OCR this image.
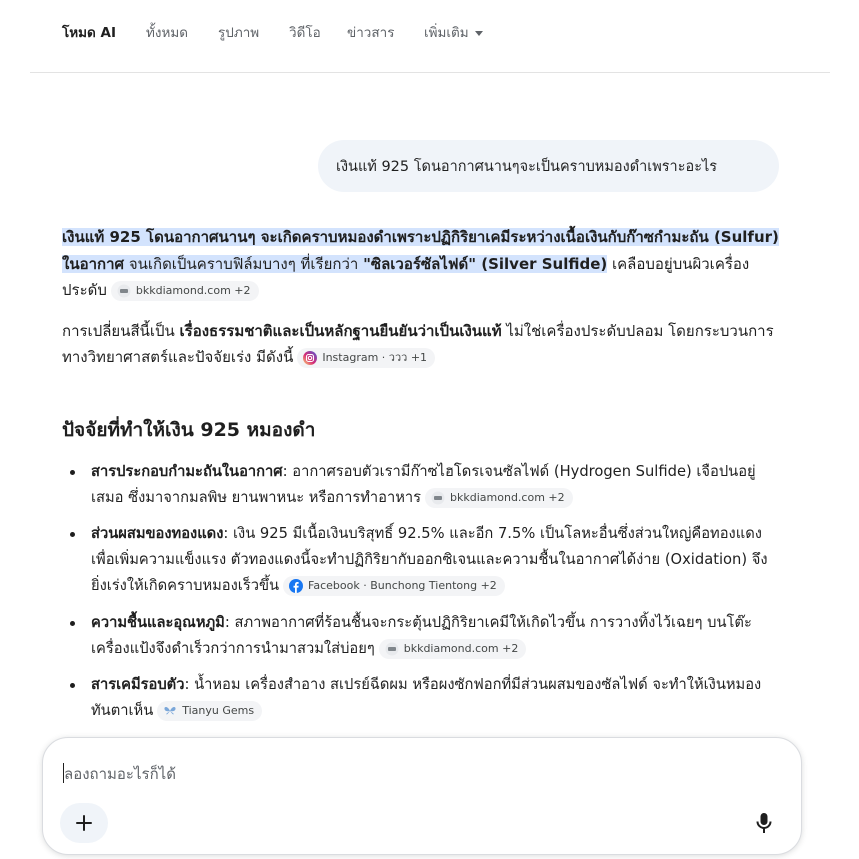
โหมด AI ทั้งหมด รูปภาพ วิดีโอ ข่าวสาร เพิ่มเติม
เงินแท้ 925 โดนอากาศนานๆจะเป็นคราบหมองดำเพราะอะไร

เงินแท้ 925 โดนอากาศนานๆ จะเกิดคราบหมองดำเพราะปฏิกิริยาเคมีระหว่างเนื้อเงินกับก๊าซกำมะถัน (Sulfur) ในอากาศ จนเกิดเป็นคราบฟิล์มบางๆ ที่เรียกว่า "ซิลเวอร์ซัลไฟด์" (Silver Sulfide) เคลือบอยู่บนผิวเครื่องประดับ	bkkdiamond.com +2

การเปลี่ยนสีนี้เป็น เรื่องธรรมชาติและเป็นหลักฐานยืนยันว่าเป็นเงินแท้ ไม่ใช่เครื่องประดับปลอม โดยกระบวนการทางวิทยาศาสตร์และปัจจัยเร่ง มีดังนี้	Instagram · ววว +1

ปัจจัยที่ทำให้เงิน 925 หมองดำ
สารประกอบกำมะถันในอากาศ: อากาศรอบตัวเรามีก๊าซไฮโดรเจนซัลไฟด์ (Hydrogen Sulfide) เจือปนอยู่เสมอ ซึ่งมาจากมลพิษ ยานพาหนะ หรือการทำอาหาร	bkkdiamond.com +2
ส่วนผสมของทองแดง: เงิน 925 มีเนื้อเงินบริสุทธิ์ 92.5% และอีก 7.5% เป็นโลหะอื่นซึ่งส่วนใหญ่คือทองแดงเพื่อเพิ่มความแข็งแรง ตัวทองแดงนี้จะทำปฏิกิริยากับออกซิเจนและความชื้นในอากาศได้ง่าย (Oxidation) จึงยิ่งเร่งให้เกิดคราบหมองเร็วขึ้น	Facebook · Bunchong Tientong +2
ความชื้นและอุณหภูมิ: สภาพอากาศที่ร้อนชื้นจะกระตุ้นปฏิกิริยาเคมีให้เกิดไวขึ้น การวางทิ้งไว้เฉยๆ บนโต๊ะเครื่องแป้งจึงดำเร็วกว่าการนำมาสวมใส่บ่อยๆ	bkkdiamond.com +2
สารเคมีรอบตัว: น้ำหอม เครื่องสำอาง สเปรย์ฉีดผม หรือผงซักฟอกที่มีส่วนผสมของซัลไฟด์ จะทำให้เงินหมองทันตาเห็น	Tianyu Gems
ลองถามอะไรก็ได้
